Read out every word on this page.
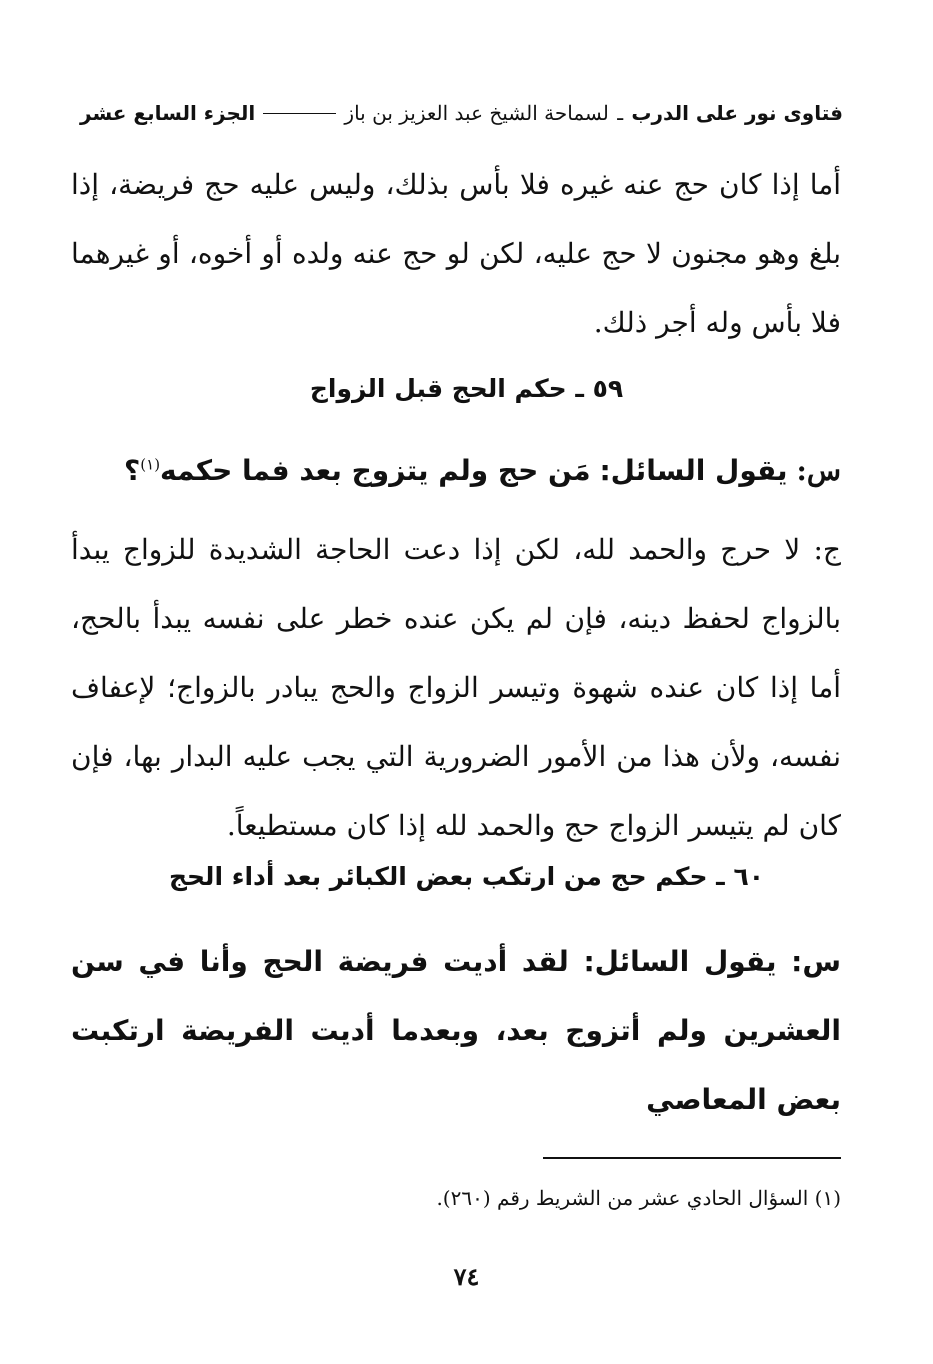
فتاوى نور على الدرب ـ لسماحة الشيخ عبد العزيز بن باز
الجزء السابع عشر

أما إذا كان حج عنه غيره فلا بأس بذلك، وليس عليه حج فريضة، إذا بلغ وهو مجنون لا حج عليه، لكن لو حج عنه ولده أو أخوه، أو غيرهما فلا بأس وله أجر ذلك.

٥٩ ـ حكم الحج قبل الزواج

س: يقول السائل: مَن حج ولم يتزوج بعد فما حكمه$^{(١)}$؟

ج: لا حرج والحمد لله، لكن إذا دعت الحاجة الشديدة للزواج يبدأ بالزواج لحفظ دينه، فإن لم يكن عنده خطر على نفسه يبدأ بالحج، أما إذا كان عنده شهوة وتيسر الزواج والحج يبادر بالزواج؛ لإعفاف نفسه، ولأن هذا من الأمور الضرورية التي يجب عليه البدار بها، فإن كان لم يتيسر الزواج حج والحمد لله إذا كان مستطيعاً.

٦٠ ـ حكم حج من ارتكب بعض الكبائر بعد أداء الحج

س: يقول السائل: لقد أديت فريضة الحج وأنا في سن العشرين ولم أتزوج بعد، وبعدما أديت الفريضة ارتكبت بعض المعاصي

(١) السؤال الحادي عشر من الشريط رقم (٢٦٠).
٧٤
